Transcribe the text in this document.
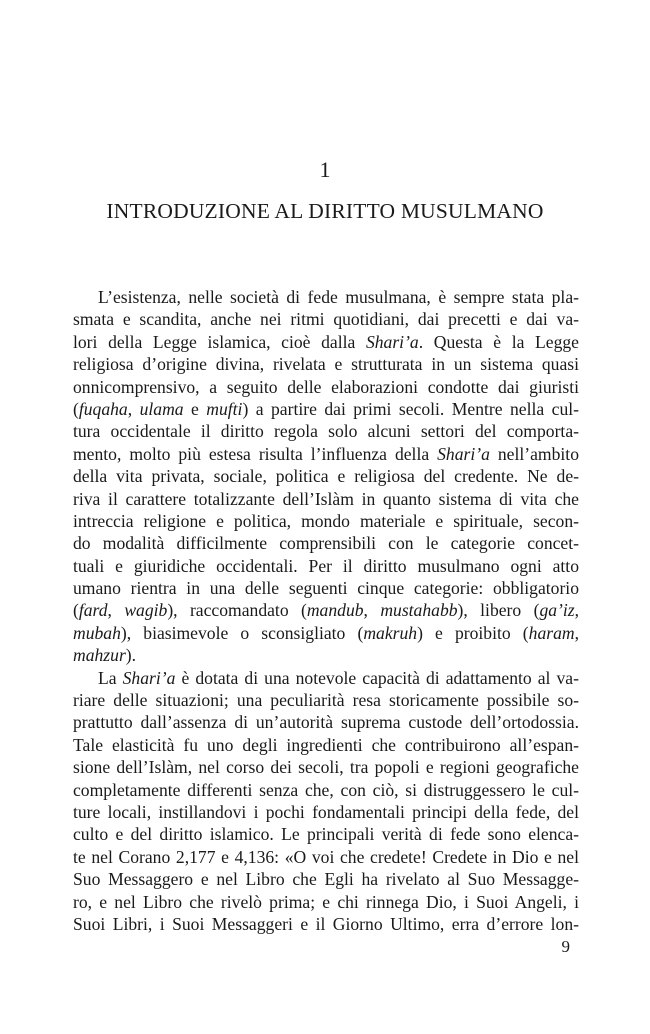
1
INTRODUZIONE AL DIRITTO MUSULMANO
L’esistenza, nelle società di fede musulmana, è sempre stata pla-
smata e scandita, anche nei ritmi quotidiani, dai precetti e dai va-
lori della Legge islamica, cioè dalla Shari’a. Questa è la Legge
religiosa d’origine divina, rivelata e strutturata in un sistema quasi
onnicomprensivo, a seguito delle elaborazioni condotte dai giuristi
(fuqaha, ulama e mufti) a partire dai primi secoli. Mentre nella cul-
tura occidentale il diritto regola solo alcuni settori del comporta-
mento, molto più estesa risulta l’influenza della Shari’a nell’ambito
della vita privata, sociale, politica e religiosa del credente. Ne de-
riva il carattere totalizzante dell’Islàm in quanto sistema di vita che
intreccia religione e politica, mondo materiale e spirituale, secon-
do modalità difficilmente comprensibili con le categorie concet-
tuali e giuridiche occidentali. Per il diritto musulmano ogni atto
umano rientra in una delle seguenti cinque categorie: obbligatorio
(fard, wagib), raccomandato (mandub, mustahabb), libero (ga’iz,
mubah), biasimevole o sconsigliato (makruh) e proibito (haram,
mahzur).
La Shari’a è dotata di una notevole capacità di adattamento al va-
riare delle situazioni; una peculiarità resa storicamente possibile so-
prattutto dall’assenza di un’autorità suprema custode dell’ortodossia.
Tale elasticità fu uno degli ingredienti che contribuirono all’espan-
sione dell’Islàm, nel corso dei secoli, tra popoli e regioni geografiche
completamente differenti senza che, con ciò, si distruggessero le cul-
ture locali, instillandovi i pochi fondamentali principi della fede, del
culto e del diritto islamico. Le principali verità di fede sono elenca-
te nel Corano 2,177 e 4,136: «O voi che credete! Credete in Dio e nel
Suo Messaggero e nel Libro che Egli ha rivelato al Suo Messagge-
ro, e nel Libro che rivelò prima; e chi rinnega Dio, i Suoi Angeli, i
Suoi Libri, i Suoi Messaggeri e il Giorno Ultimo, erra d’errore lon-
9
